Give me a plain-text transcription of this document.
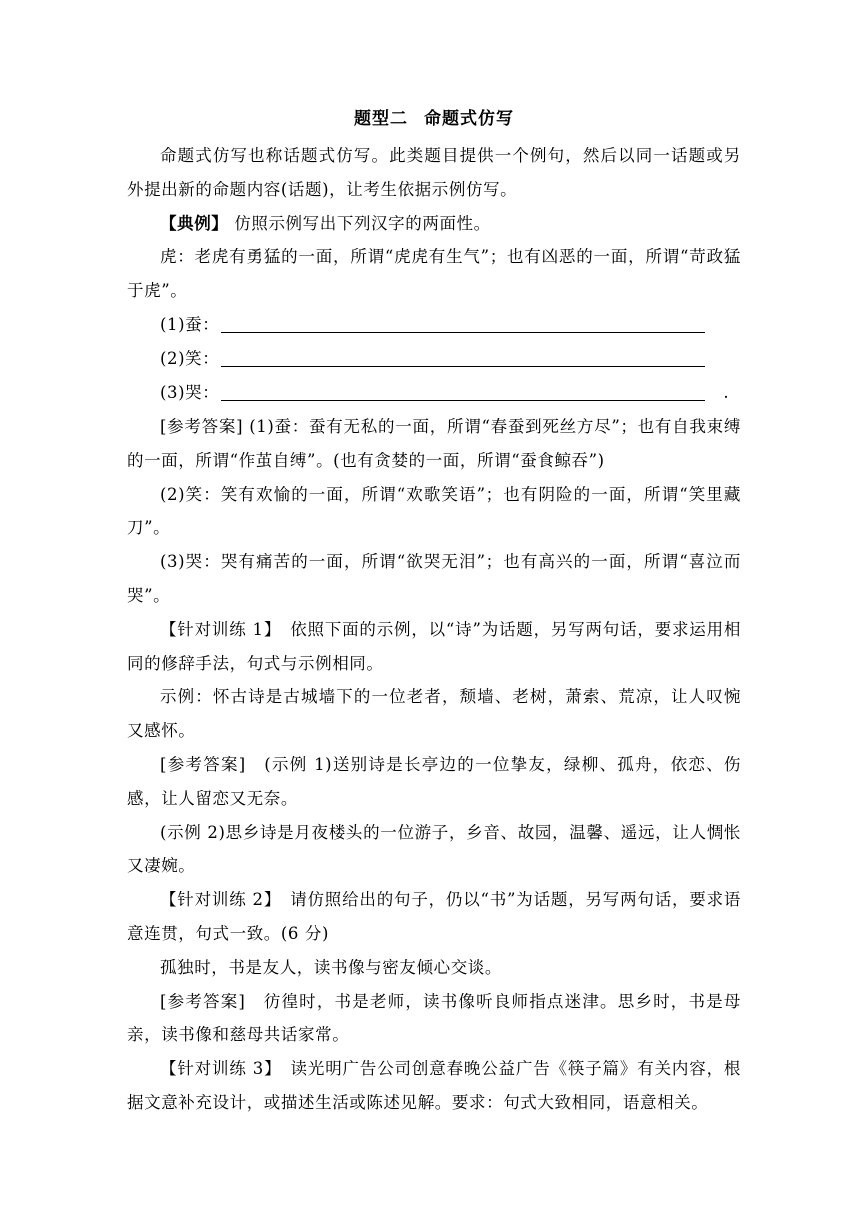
题型二 命题式仿写

命题式仿写也称话题式仿写。此类题目提供一个例句，然后以同一话题或另外提出新的命题内容(话题)，让考生依据示例仿写。

【典例】 仿照示例写出下列汉字的两面性。

虎：老虎有勇猛的一面，所谓“虎虎有生气”；也有凶恶的一面，所谓“苛政猛于虎”。

(1)蚕：
(2)笑：
(3)哭：	.

[参考答案] (1)蚕：蚕有无私的一面，所谓“春蚕到死丝方尽”；也有自我束缚的一面，所谓“作茧自缚”。(也有贪婪的一面，所谓“蚕食鲸吞”)

(2)笑：笑有欢愉的一面，所谓“欢歌笑语”；也有阴险的一面，所谓“笑里藏刀”。

(3)哭：哭有痛苦的一面，所谓“欲哭无泪”；也有高兴的一面，所谓“喜泣而哭”。

【针对训练 1】　依照下面的示例，以“诗”为话题，另写两句话，要求运用相同的修辞手法，句式与示例相同。

示例：怀古诗是古城墙下的一位老者，颓墙、老树，萧索、荒凉，让人叹惋又感怀。

[参考答案]　(示例 1)送别诗是长亭边的一位挚友，绿柳、孤舟，依恋、伤感，让人留恋又无奈。

(示例 2)思乡诗是月夜楼头的一位游子，乡音、故园，温馨、遥远，让人惆怅又凄婉。

【针对训练 2】　请仿照给出的句子，仍以“书”为话题，另写两句话，要求语意连贯，句式一致。(6 分)

孤独时，书是友人，读书像与密友倾心交谈。

[参考答案]　彷徨时，书是老师，读书像听良师指点迷津。思乡时，书是母亲，读书像和慈母共话家常。

【针对训练 3】　读光明广告公司创意春晚公益广告《筷子篇》有关内容，根据文意补充设计，或描述生活或陈述见解。要求：句式大致相同，语意相关。
